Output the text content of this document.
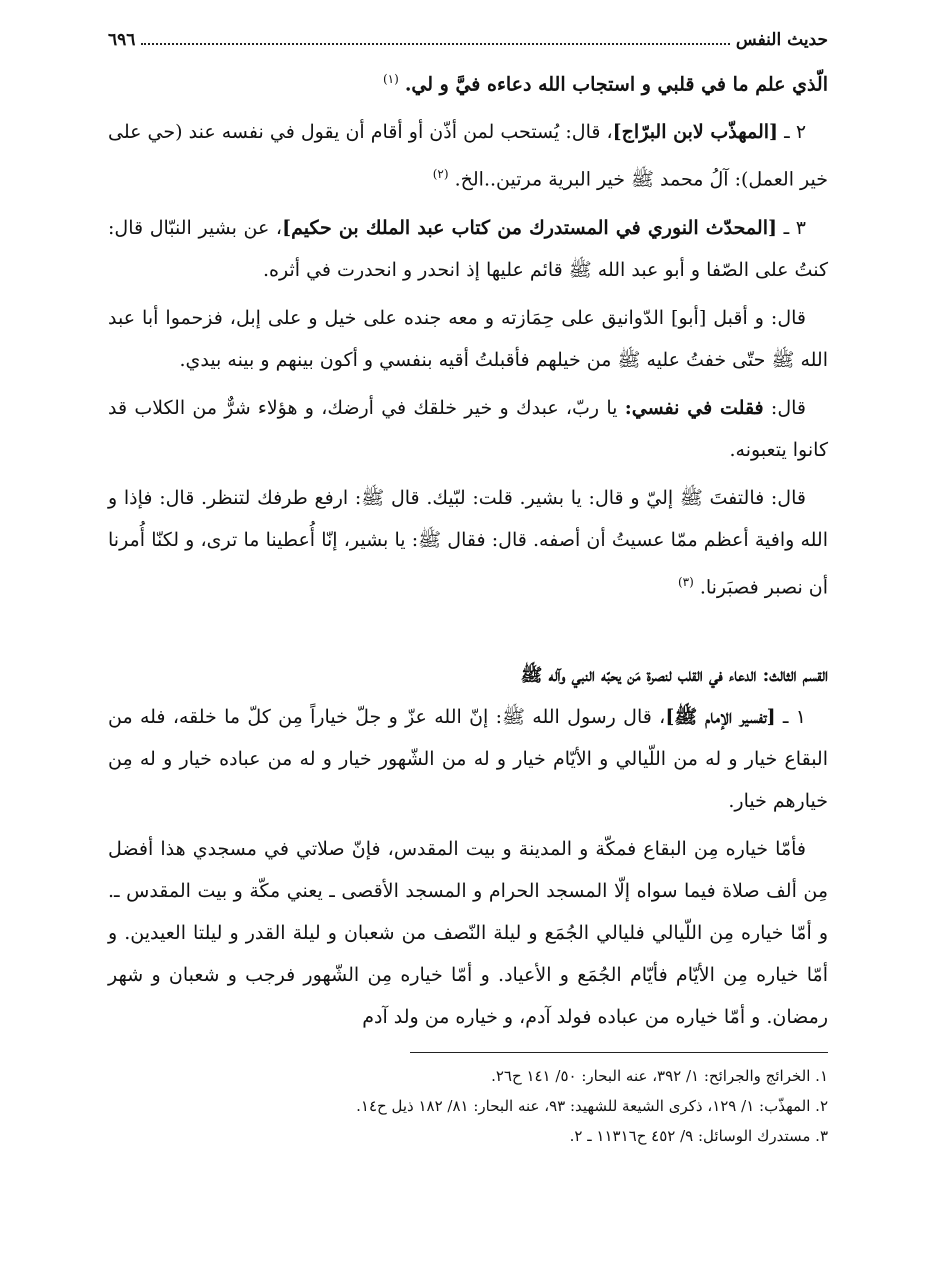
حديث النفس
٦٩٦

الّذي علم ما في قلبي و استجاب الله دعاءه فيَّ و لي. $^{(١)}$

٢ ـ [المهذّب لابن البرّاج]، قال: يُستحب لمن أذّن أو أقام أن يقول في نفسه عند (حي على خير العمل): آلُ محمد ﷺ خير البرية مرتين..الخ. $^{(٢)}$

٣ ـ [المحدّث النوري في المستدرك من كتاب عبد الملك بن حكيم]، عن بشير النبّال قال: كنتُ على الصّفا و أبو عبد الله ﷺ قائم عليها إذ انحدر و انحدرت في أثره.

قال: و أقبل [أبو] الدّوانيق على حِمَازته و معه جنده على خيل و على إبل، فزحموا أبا عبد الله ﷺ حتّى خفتُ عليه ﷺ من خيلهم فأقبلتُ أقيه بنفسي و أكون بينهم و بينه بيدي.

قال: فقلت في نفسي: يا ربّ، عبدك و خير خلقك في أرضك، و هؤلاء شرٌّ من الكلاب قد كانوا يتعبونه.

قال: فالتفتَ ﷺ إليّ و قال: يا بشير. قلت: لبّيك. قال ﷺ: ارفع طرفك لتنظر. قال: فإذا و الله وافية أعظم ممّا عسيتُ أن أصفه. قال: فقال ﷺ: يا بشير، إنّا أُعطينا ما ترى، و لكنّا أُمرنا أن نصبر فصبَرنا. $^{(٣)}$

القسم الثالث: الدعاء في القلب لنصرة مَن يحبّه النبي وآله ﷺ

١ ـ [تفسير الإمام ﷺ]، قال رسول الله ﷺ: إنّ الله عزّ و جلّ خياراً مِن كلّ ما خلقه، فله من البقاع خيار و له من اللّيالي و الأيّام خيار و له من الشّهور خيار و له من عباده خيار و له مِن خيارهم خيار.

فأمّا خياره مِن البقاع فمكّة و المدينة و بيت المقدس، فإنّ صلاتي في مسجدي هذا أفضل مِن ألف صلاة فيما سواه إلّا المسجد الحرام و المسجد الأقصى ـ يعني مكّة و بيت المقدس ـ. و أمّا خياره مِن اللّيالي فليالي الجُمَع و ليلة النّصف من شعبان و ليلة القدر و ليلتا العيدين. و أمّا خياره مِن الأيّام فأيّام الجُمَع و الأعياد. و أمّا خياره مِن الشّهور فرجب و شعبان و شهر رمضان. و أمّا خياره من عباده فولد آدم، و خياره من ولد آدم

١. الخرائج والجرائح: ١/ ٣٩٢، عنه البحار: ٥٠/ ١٤١ ح٢٦.
٢. المهذّب: ١/ ١٢٩، ذكرى الشيعة للشهيد: ٩٣، عنه البحار: ٨١/ ١٨٢ ذيل ح١٤.
٣. مستدرك الوسائل: ٩/ ٤٥٢ ح١١٣١٦ ـ ٢.
